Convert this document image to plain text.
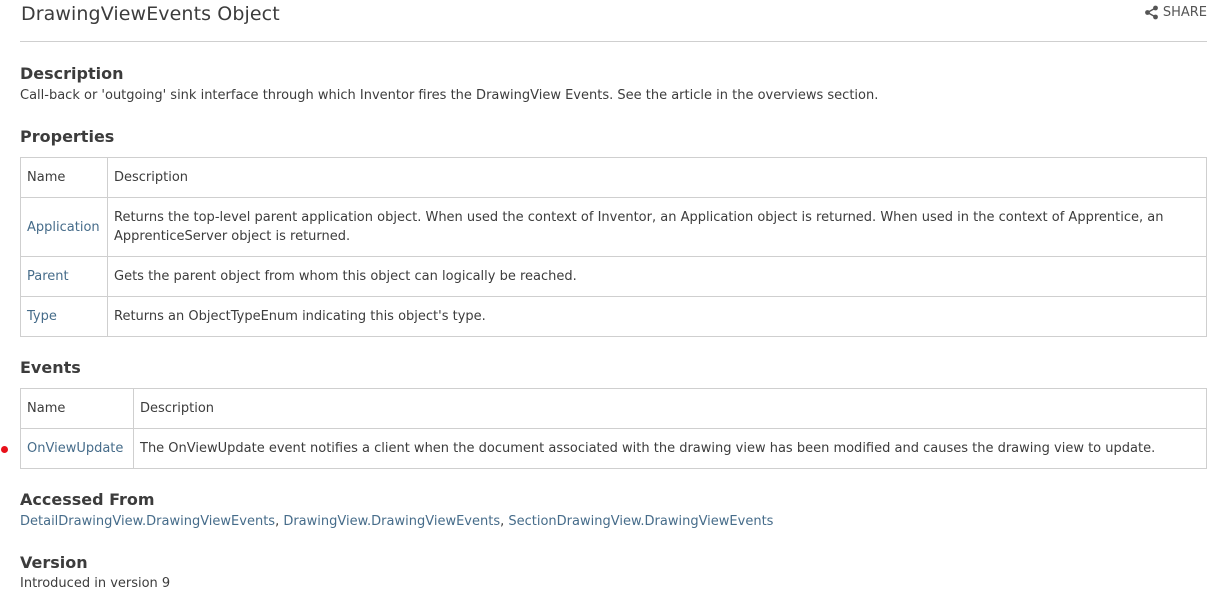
DrawingViewEvents Object	SHARE
Description

Call-back or 'outgoing' sink interface through which Inventor fires the DrawingView Events. See the article in the overviews section.

Properties
Name	Description
Application	Returns the top-level parent application object. When used the context of Inventor, an Application object is returned. When used in the context of Apprentice, an ApprenticeServer object is returned.
Parent	Gets the parent object from whom this object can logically be reached.
Type	Returns an ObjectTypeEnum indicating this object's type.
Events
Name	Description
OnViewUpdate	The OnViewUpdate event notifies a client when the document associated with the drawing view has been modified and causes the drawing view to update.
Accessed From

DetailDrawingView.DrawingViewEvents, DrawingView.DrawingViewEvents, SectionDrawingView.DrawingViewEvents

Version

Introduced in version 9
